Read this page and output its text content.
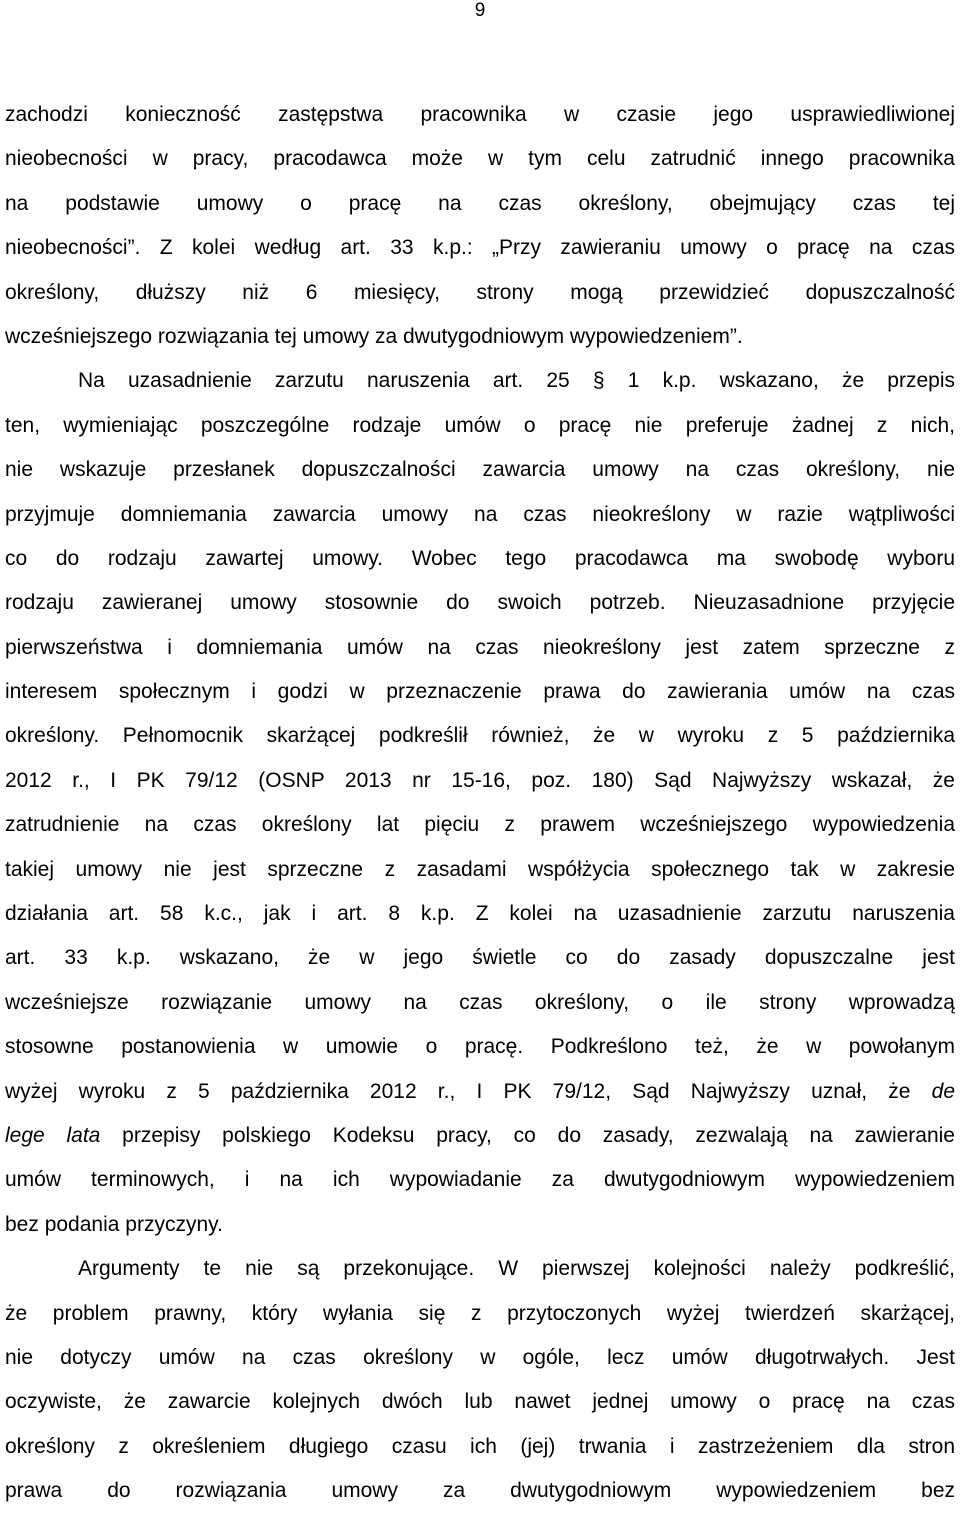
9
zachodzi konieczność zastępstwa pracownika w czasie jego usprawiedliwionej
nieobecności w pracy, pracodawca może w tym celu zatrudnić innego pracownika
na podstawie umowy o pracę na czas określony, obejmujący czas tej
nieobecności”. Z kolei według art. 33 k.p.: „Przy zawieraniu umowy o pracę na czas
określony, dłuższy niż 6 miesięcy, strony mogą przewidzieć dopuszczalność
wcześniejszego rozwiązania tej umowy za dwutygodniowym wypowiedzeniem”.
Na uzasadnienie zarzutu naruszenia art. 25 § 1 k.p. wskazano, że przepis
ten, wymieniając poszczególne rodzaje umów o pracę nie preferuje żadnej z nich,
nie wskazuje przesłanek dopuszczalności zawarcia umowy na czas określony, nie
przyjmuje domniemania zawarcia umowy na czas nieokreślony w razie wątpliwości
co do rodzaju zawartej umowy. Wobec tego pracodawca ma swobodę wyboru
rodzaju zawieranej umowy stosownie do swoich potrzeb. Nieuzasadnione przyjęcie
pierwszeństwa i domniemania umów na czas nieokreślony jest zatem sprzeczne z
interesem społecznym i godzi w przeznaczenie prawa do zawierania umów na czas
określony. Pełnomocnik skarżącej podkreślił również, że w wyroku z 5 października
2012 r., I PK 79/12 (OSNP 2013 nr 15-16, poz. 180) Sąd Najwyższy wskazał, że
zatrudnienie na czas określony lat pięciu z prawem wcześniejszego wypowiedzenia
takiej umowy nie jest sprzeczne z zasadami współżycia społecznego tak w zakresie
działania art. 58 k.c., jak i art. 8 k.p. Z kolei na uzasadnienie zarzutu naruszenia
art. 33 k.p. wskazano, że w jego świetle co do zasady dopuszczalne jest
wcześniejsze rozwiązanie umowy na czas określony, o ile strony wprowadzą
stosowne postanowienia w umowie o pracę. Podkreślono też, że w powołanym
wyżej wyroku z 5 października 2012 r., I PK 79/12, Sąd Najwyższy uznał, że de
lege lata przepisy polskiego Kodeksu pracy, co do zasady, zezwalają na zawieranie
umów terminowych, i na ich wypowiadanie za dwutygodniowym wypowiedzeniem
bez podania przyczyny.
Argumenty te nie są przekonujące. W pierwszej kolejności należy podkreślić,
że problem prawny, który wyłania się z przytoczonych wyżej twierdzeń skarżącej,
nie dotyczy umów na czas określony w ogóle, lecz umów długotrwałych. Jest
oczywiste, że zawarcie kolejnych dwóch lub nawet jednej umowy o pracę na czas
określony z określeniem długiego czasu ich (jej) trwania i zastrzeżeniem dla stron
prawa do rozwiązania umowy za dwutygodniowym wypowiedzeniem bez
